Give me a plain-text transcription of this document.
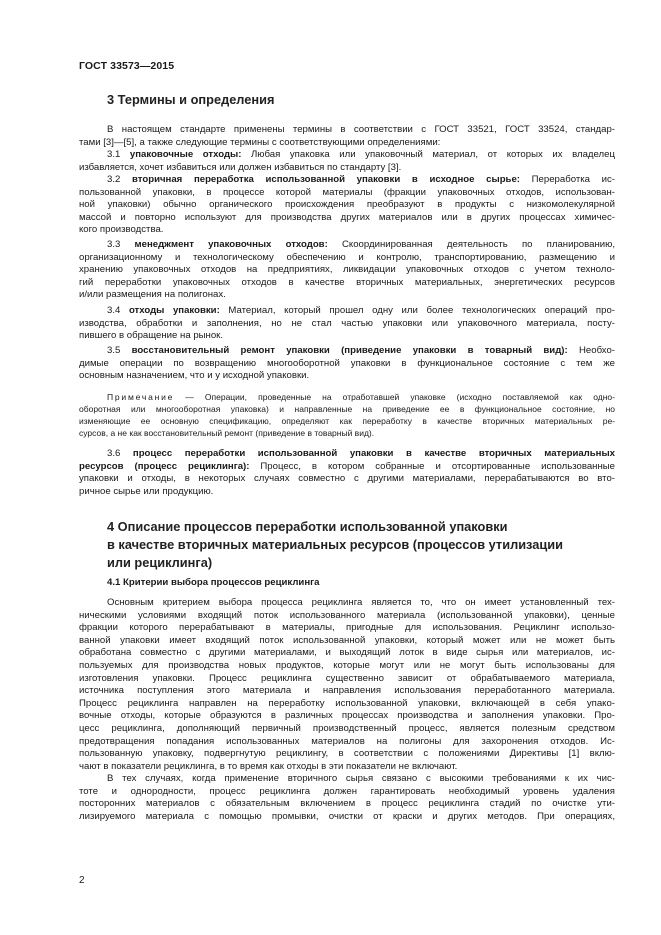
ГОСТ 33573—2015
3 Термины и определения
В настоящем стандарте применены термины в соответствии с ГОСТ 33521, ГОСТ 33524, стандар-
тами [3]—[5], а также следующие термины с соответствующими определениями:
3.1 упаковочные отходы: Любая упаковка или упаковочный материал, от которых их владелец
избавляется, хочет избавиться или должен избавиться по стандарту [3].
3.2 вторичная переработка использованной упаковки в исходное сырье: Переработка ис-
пользованной упаковки, в процессе которой материалы (фракции упаковочных отходов, использован-
ной упаковки) обычно органического происхождения преобразуют в продукты с низкомолекулярной
массой и повторно используют для производства других материалов или в других процессах химичес-
кого производства.
3.3 менеджмент упаковочных отходов: Скоординированная деятельность по планированию,
организационному и технологическому обеспечению и контролю, транспортированию, размещению и
хранению упаковочных отходов на предприятиях, ликвидации упаковочных отходов с учетом техноло-
гий переработки упаковочных отходов в качестве вторичных материальных, энергетических ресурсов
и/или размещения на полигонах.
3.4 отходы упаковки: Материал, который прошел одну или более технологических операций про-
изводства, обработки и заполнения, но не стал частью упаковки или упаковочного материала, посту-
пившего в обращение на рынок.
3.5 восстановительный ремонт упаковки (приведение упаковки в товарный вид): Необхо-
димые операции по возвращению многооборотной упаковки в функциональное состояние с тем же
основным назначением, что и у исходной упаковки.
Примечание — Операции, проведенные на отработавшей упаковке (исходно поставляемой как одно-
оборотная или многооборотная упаковка) и направленные на приведение ее в функциональное состояние, но
изменяющие ее основную спецификацию, определяют как переработку в качестве вторичных материальных ре-
сурсов, а не как восстановительный ремонт (приведение в товарный вид).
3.6 процесс переработки использованной упаковки в качестве вторичных материальных
ресурсов (процесс рециклинга): Процесс, в котором собранные и отсортированные использованные
упаковки и отходы, в некоторых случаях совместно с другими материалами, перерабатываются во вто-
ричное сырье или продукцию.
4 Описание процессов переработки использованной упаковки
в качестве вторичных материальных ресурсов (процессов утилизации
или рециклинга)
4.1 Критерии выбора процессов рециклинга
Основным критерием выбора процесса рециклинга является то, что он имеет установленный тех-
ническими условиями входящий поток использованного материала (использованной упаковки), ценные
фракции которого перерабатывают в материалы, пригодные для использования. Рециклинг использо-
ванной упаковки имеет входящий поток использованной упаковки, который может или не может быть
обработана совместно с другими материалами, и выходящий лоток в виде сырья или материалов, ис-
пользуемых для производства новых продуктов, которые могут или не могут быть использованы для
изготовления упаковки. Процесс рециклинга существенно зависит от обрабатываемого материала,
источника поступления этого материала и направления использования переработанного материала.
Процесс рециклинга направлен на переработку использованной упаковки, включающей в себя упако-
вочные отходы, которые образуются в различных процессах производства и заполнения упаковки. Про-
цесс рециклинга, дополняющий первичный производственный процесс, является полезным средством
предотвращения попадания использованных материалов на полигоны для захоронения отходов. Ис-
пользованную упаковку, подвергнутую рециклингу, в соответствии с положениями Директивы [1] вклю-
чают в показатели рециклинга, в то время как отходы в эти показатели не включают.
В тех случаях, когда применение вторичного сырья связано с высокими требованиями к их чис-
тоте и однородности, процесс рециклинга должен гарантировать необходимый уровень удаления
посторонних материалов с обязательным включением в процесс рециклинга стадий по очистке ути-
лизируемого материала с помощью промывки, очистки от краски и других методов. При операциях,
2
